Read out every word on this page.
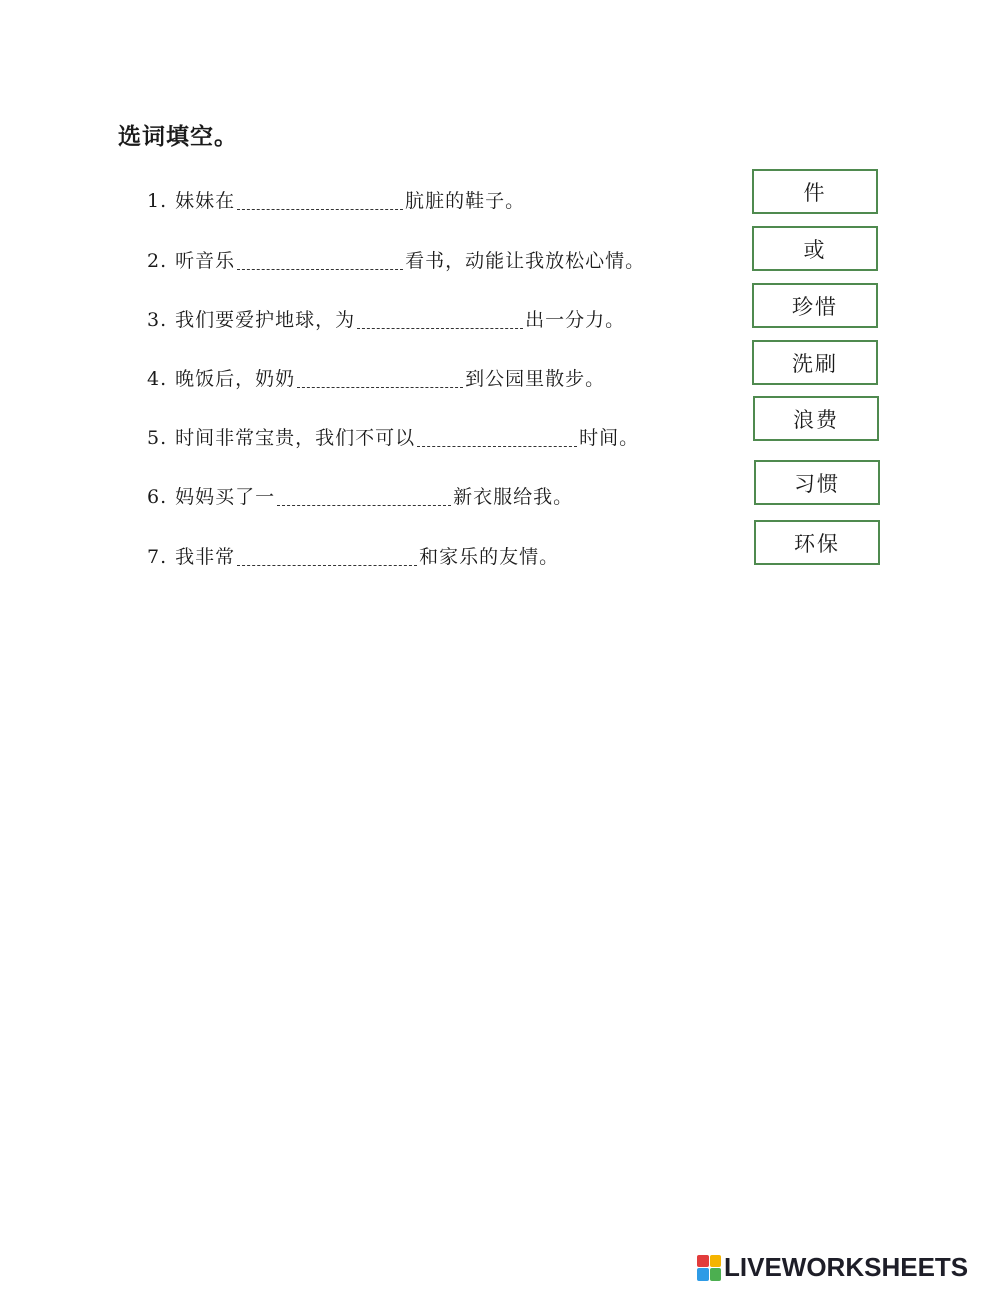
选词填空。
1. 妹妹在	肮脏的鞋子。
2. 听音乐	看书，动能让我放松心情。
3. 我们要爱护地球，为	出一分力。
4. 晚饭后，奶奶	到公园里散步。
5. 时间非常宝贵，我们不可以	时间。
6. 妈妈买了一	新衣服给我。
7. 我非常	和家乐的友情。
件
或
珍惜
洗刷
浪费
习惯
环保
LIVEWORKSHEETS
